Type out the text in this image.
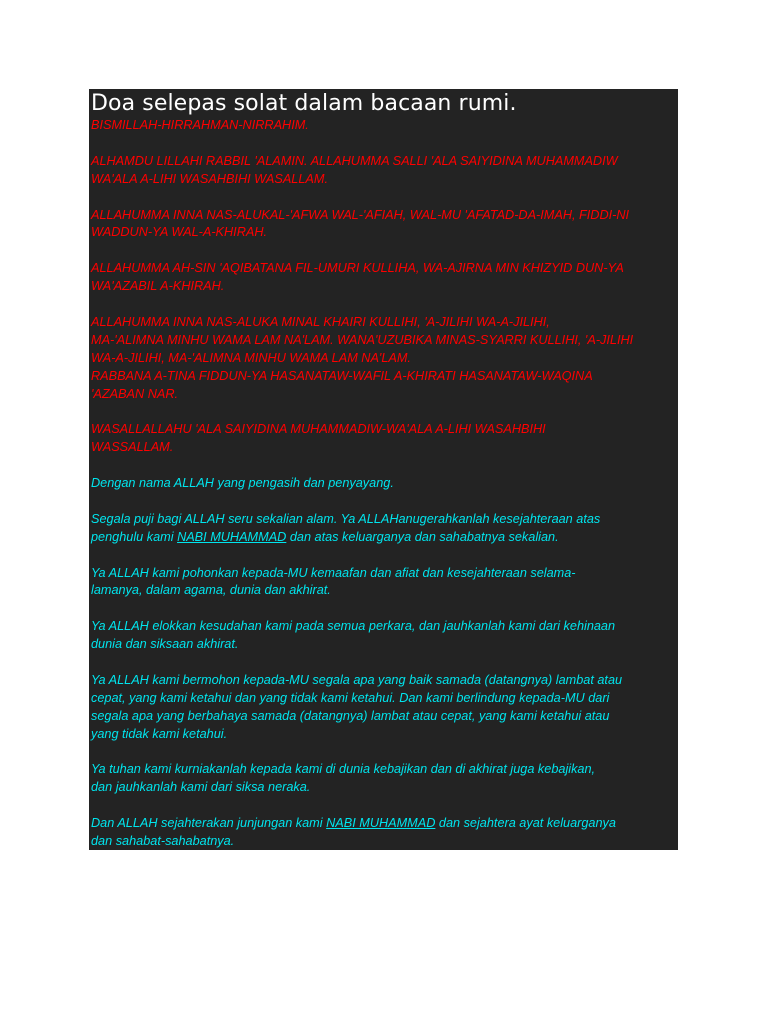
Doa selepas solat dalam bacaan rumi.

BISMILLAH-HIRRAHMAN-NIRRAHIM.

ALHAMDU LILLAHI RABBIL 'ALAMIN. ALLAHUMMA SALLI 'ALA SAIYIDINA MUHAMMADIW
WA'ALA A-LIHI WASAHBIHI WASALLAM.

ALLAHUMMA INNA NAS-ALUKAL-'AFWA WAL-'AFIAH, WAL-MU 'AFATAD-DA-IMAH, FIDDI-NI
WADDUN-YA WAL-A-KHIRAH.

ALLAHUMMA AH-SIN 'AQIBATANA FIL-UMURI KULLIHA, WA-AJIRNA MIN KHIZYID DUN-YA
WA'AZABIL A-KHIRAH.

ALLAHUMMA INNA NAS-ALUKA MINAL KHAIRI KULLIHI, 'A-JILIHI WA-A-JILIHI,
MA-'ALIMNA MINHU WAMA LAM NA'LAM. WANA'UZUBIKA MINAS-SYARRI KULLIHI, 'A-JILIHI
WA-A-JILIHI, MA-'ALIMNA MINHU WAMA LAM NA'LAM.

RABBANA A-TINA FIDDUN-YA HASANATAW-WAFIL A-KHIRATI HASANATAW-WAQINA
'AZABAN NAR.

WASALLALLAHU 'ALA SAIYIDINA MUHAMMADIW-WA'ALA A-LIHI WASAHBIHI
WASSALLAM.

Dengan nama ALLAH yang pengasih dan penyayang.

Segala puji bagi ALLAH seru sekalian alam. Ya ALLAHanugerahkanlah kesejahteraan atas
penghulu kami NABI MUHAMMAD dan atas keluarganya dan sahabatnya sekalian.

Ya ALLAH kami pohonkan kepada-MU kemaafan dan afiat dan kesejahteraan selama-
lamanya, dalam agama, dunia dan akhirat.

Ya ALLAH elokkan kesudahan kami pada semua perkara, dan jauhkanlah kami dari kehinaan
dunia dan siksaan akhirat.

Ya ALLAH kami bermohon kepada-MU segala apa yang baik samada (datangnya) lambat atau
cepat, yang kami ketahui dan yang tidak kami ketahui. Dan kami berlindung kepada-MU dari
segala apa yang berbahaya samada (datangnya) lambat atau cepat, yang kami ketahui atau
yang tidak kami ketahui.

Ya tuhan kami kurniakanlah kepada kami di dunia kebajikan dan di akhirat juga kebajikan,
dan jauhkanlah kami dari siksa neraka.

Dan ALLAH sejahterakan junjungan kami NABI MUHAMMAD dan sejahtera ayat keluarganya
dan sahabat-sahabatnya.
